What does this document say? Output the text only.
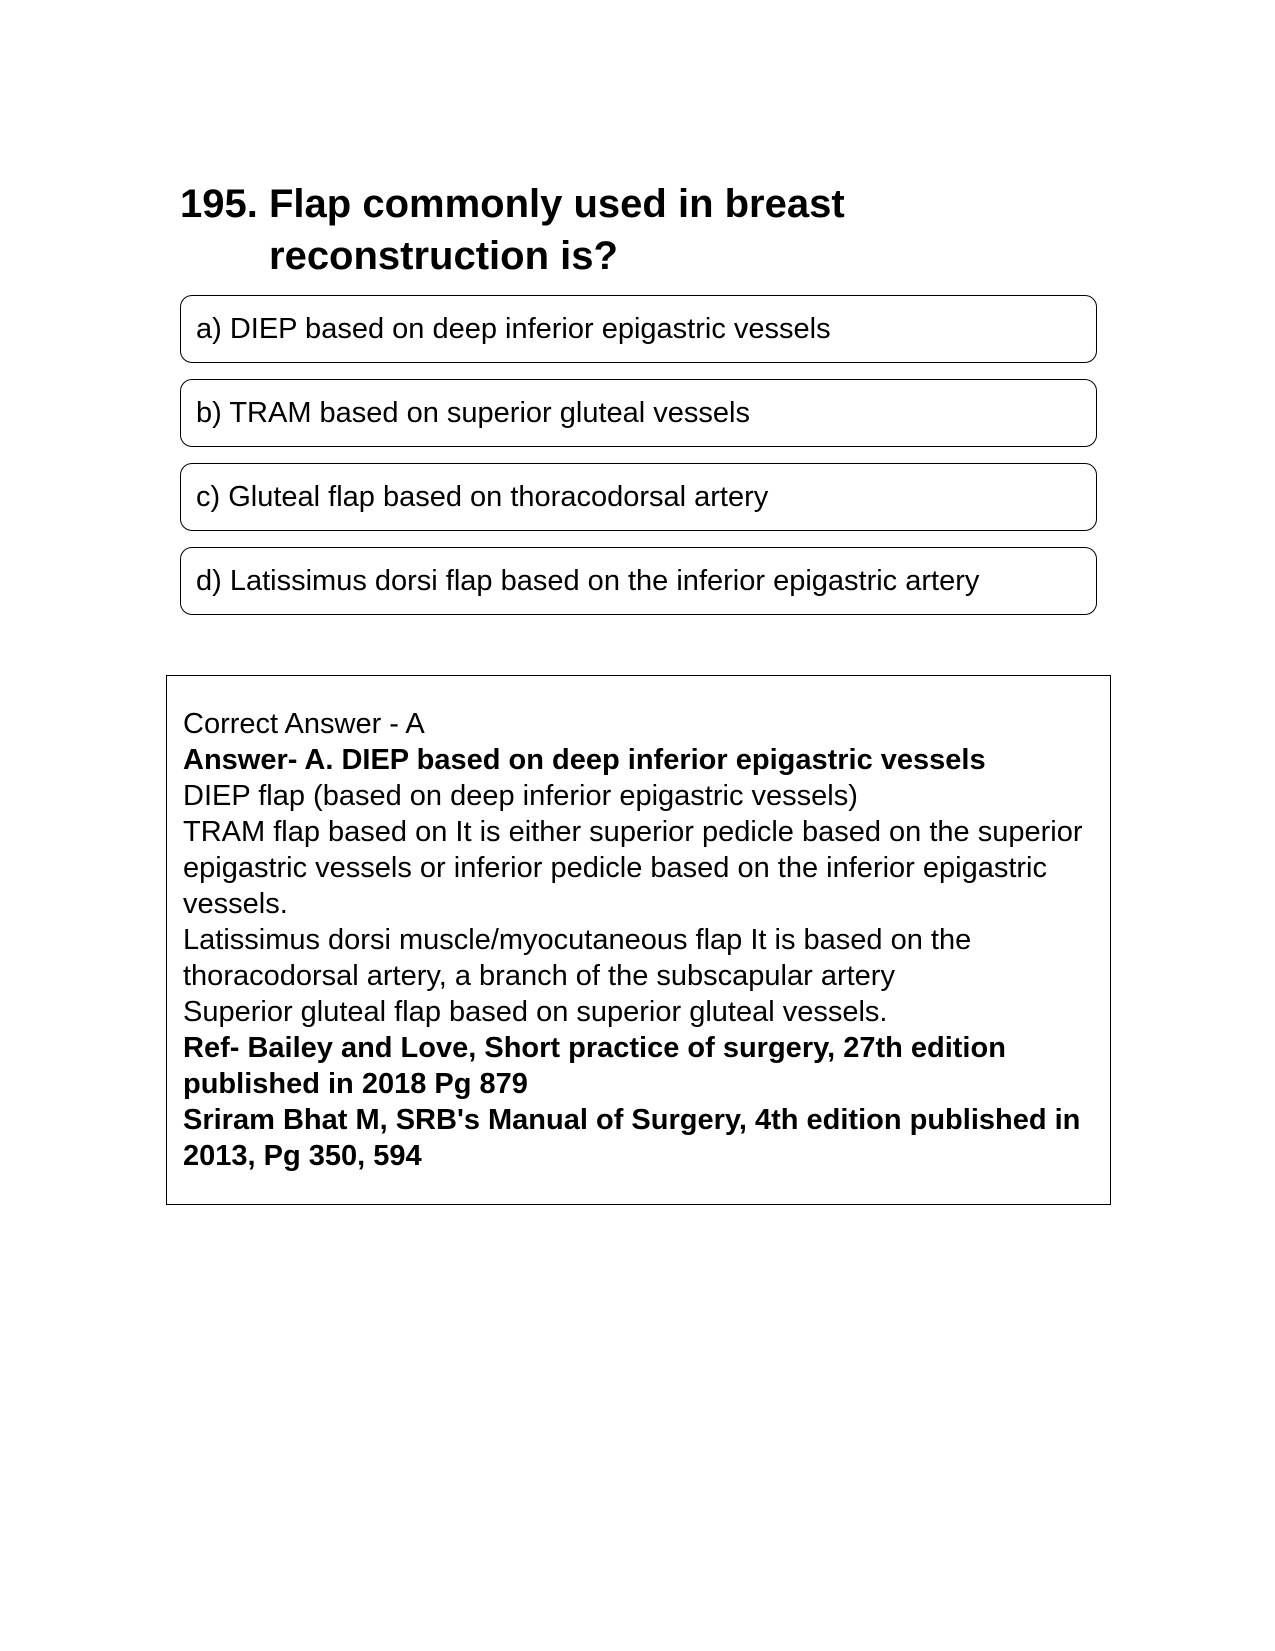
195. Flap commonly used in breast reconstruction is?
a) DIEP based on deep inferior epigastric vessels
b) TRAM based on superior gluteal vessels
c) Gluteal flap based on thoracodorsal artery
d) Latissimus dorsi flap based on the inferior epigastric artery
Correct Answer - A
Answer- A. DIEP based on deep inferior epigastric vessels
DIEP flap (based on deep inferior epigastric vessels)
TRAM flap based on It is either superior pedicle based on the superior epigastric vessels or inferior pedicle based on the inferior epigastric vessels.
Latissimus dorsi muscle/myocutaneous flap It is based on the thoracodorsal artery, a branch of the subscapular artery
Superior gluteal flap based on superior gluteal vessels.
Ref- Bailey and Love, Short practice of surgery, 27th edition published in 2018 Pg 879
Sriram Bhat M, SRB's Manual of Surgery, 4th edition published in 2013, Pg 350, 594
